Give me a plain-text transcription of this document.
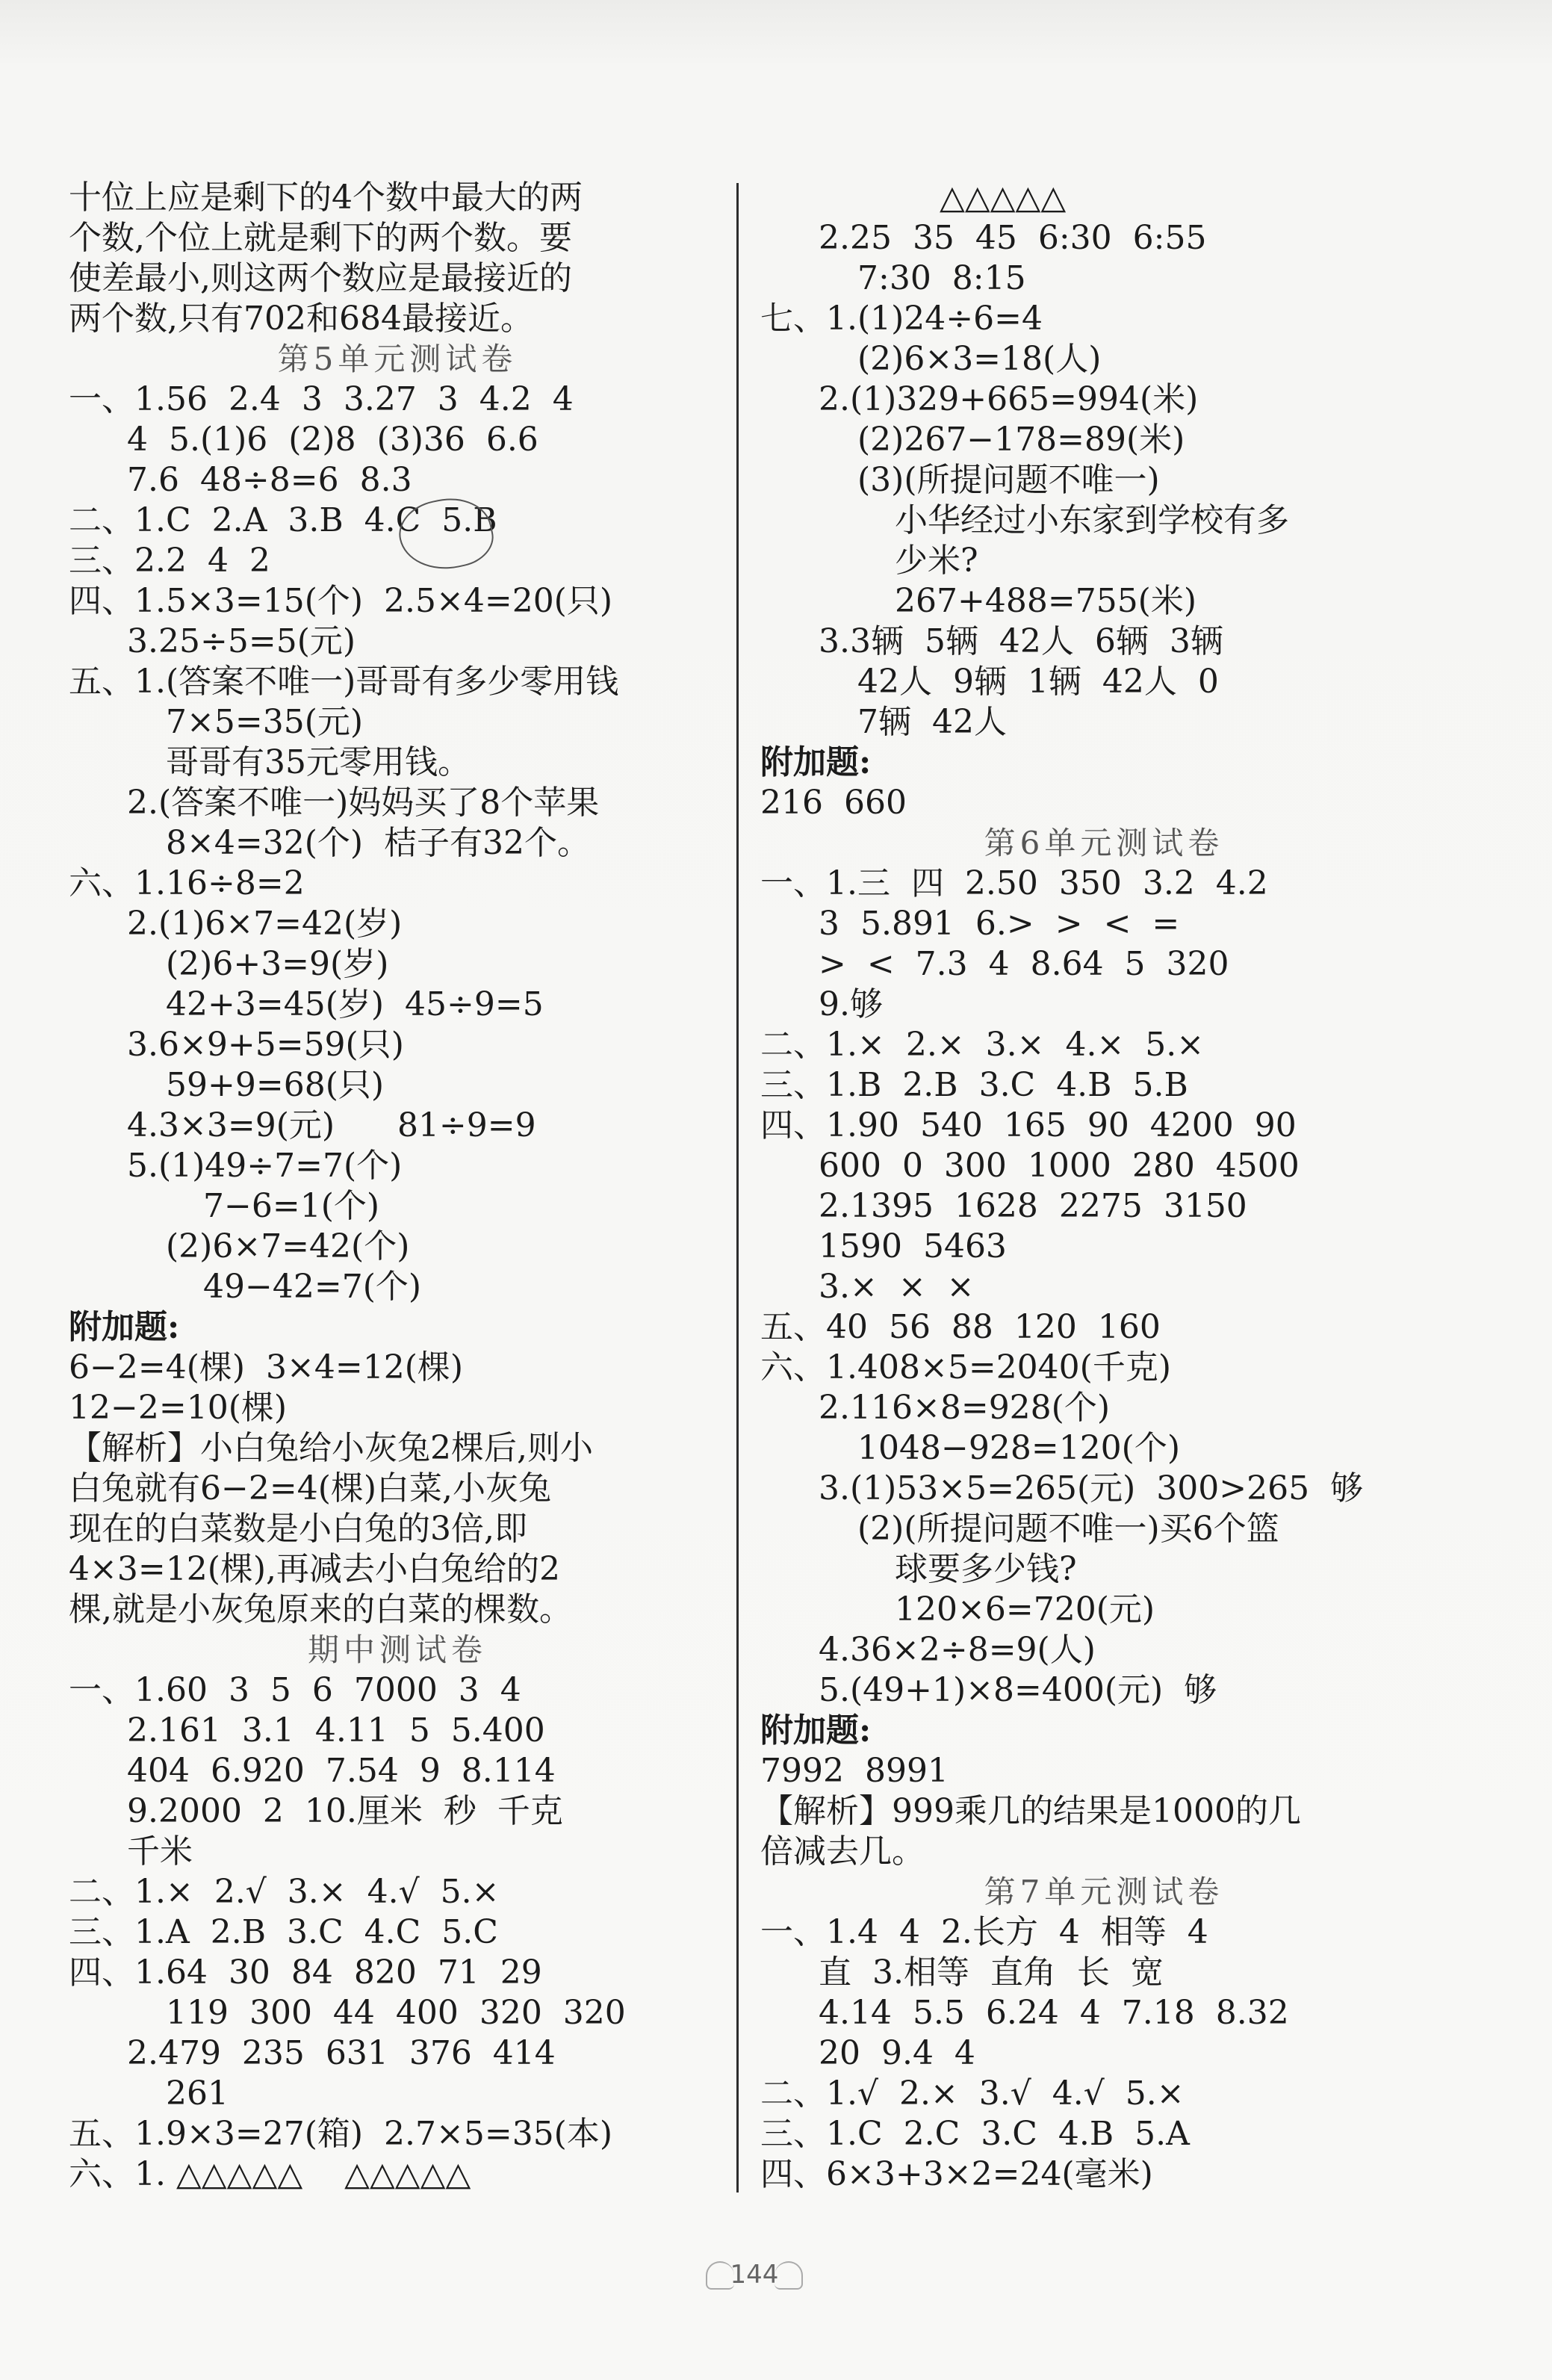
十位上应是剩下的4个数中最大的两
个数,个位上就是剩下的两个数。要
使差最小,则这两个数应是最接近的
两个数,只有702和684最接近。
第5单元测试卷
一、1.56  2.4  3  3.27  3  4.2  4
4  5.(1)6  (2)8  (3)36  6.6
7.6  48÷8=6  8.3
二、1.C  2.A  3.B  4.C  5.B
三、2.2  4  2
四、1.5×3=15(个)  2.5×4=20(只)
3.25÷5=5(元)
五、1.(答案不唯一)哥哥有多少零用钱
7×5=35(元)
哥哥有35元零用钱。
2.(答案不唯一)妈妈买了8个苹果
8×4=32(个)  桔子有32个。
六、1.16÷8=2
2.(1)6×7=42(岁)
(2)6+3=9(岁)
42+3=45(岁)  45÷9=5
3.6×9+5=59(只)
59+9=68(只)
4.3×3=9(元)      81÷9=9
5.(1)49÷7=7(个)
7−6=1(个)
(2)6×7=42(个)
49−42=7(个)
附加题:
6−2=4(棵)  3×4=12(棵)
12−2=10(棵)
【解析】小白兔给小灰兔2棵后,则小
白兔就有6−2=4(棵)白菜,小灰兔
现在的白菜数是小白兔的3倍,即
4×3=12(棵),再减去小白兔给的2
棵,就是小灰兔原来的白菜的棵数。
期中测试卷
一、1.60  3  5  6  7000  3  4
2.161  3.1  4.11  5  5.400
404  6.920  7.54  9  8.114
9.2000  2  10.厘米  秒  千克
千米
二、1.×  2.√  3.×  4.√  5.×
三、1.A  2.B  3.C  4.C  5.C
四、1.64  30  84  820  71  29
119  300  44  400  320  320
2.479  235  631  376  414
261
五、1.9×3=27(箱)  2.7×5=35(本)
六、1. △△△△△    △△△△△
△△△△△
2.25  35  45  6:30  6:55
7:30  8:15
七、1.(1)24÷6=4
(2)6×3=18(人)
2.(1)329+665=994(米)
(2)267−178=89(米)
(3)(所提问题不唯一)
小华经过小东家到学校有多
少米?
267+488=755(米)
3.3辆  5辆  42人  6辆  3辆
42人  9辆  1辆  42人  0
7辆  42人
附加题:
216  660
第6单元测试卷
一、1.三  四  2.50  350  3.2  4.2
3  5.891  6.>  >  <  =
>  <  7.3  4  8.64  5  320
9.够
二、1.×  2.×  3.×  4.×  5.×
三、1.B  2.B  3.C  4.B  5.B
四、1.90  540  165  90  4200  90
600  0  300  1000  280  4500
2.1395  1628  2275  3150
1590  5463
3.×  ×  ×
五、40  56  88  120  160
六、1.408×5=2040(千克)
2.116×8=928(个)
1048−928=120(个)
3.(1)53×5=265(元)  300>265  够
(2)(所提问题不唯一)买6个篮
球要多少钱?
120×6=720(元)
4.36×2÷8=9(人)
5.(49+1)×8=400(元)  够
附加题:
7992  8991
【解析】999乘几的结果是1000的几
倍减去几。
第7单元测试卷
一、1.4  4  2.长方  4  相等  4
直  3.相等  直角  长  宽
4.14  5.5  6.24  4  7.18  8.32
20  9.4  4
二、1.√  2.×  3.√  4.√  5.×
三、1.C  2.C  3.C  4.B  5.A
四、6×3+3×2=24(毫米)
144
